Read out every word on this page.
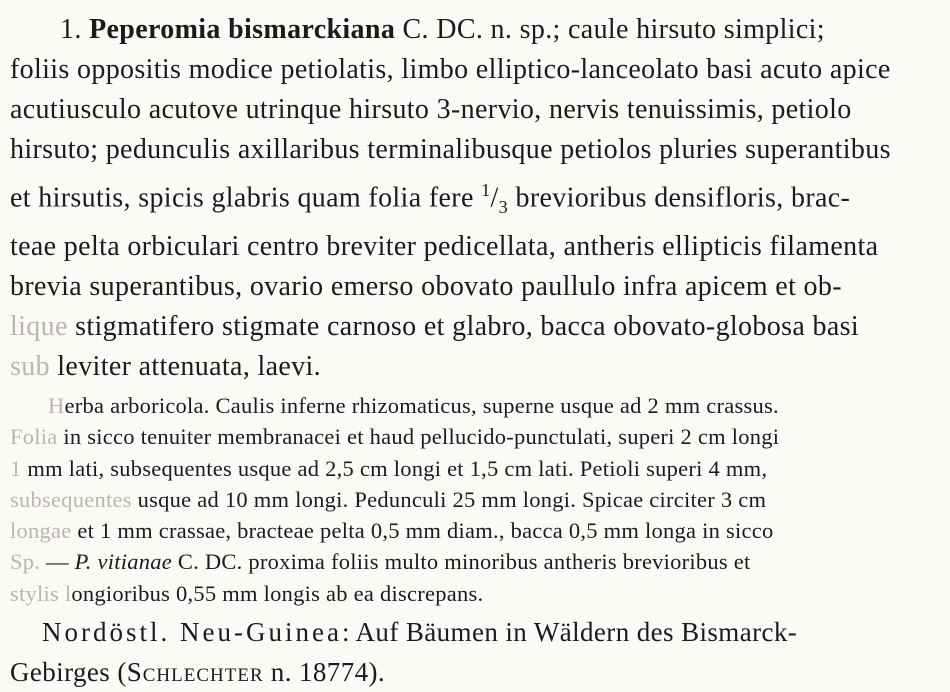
1. Peperomia bismarckiana C. DC. n. sp.; caule hirsuto simplici;
foliis oppositis modice petiolatis, limbo elliptico-lanceolato basi acuto apice
acutiusculo acutove utrinque hirsuto 3-nervio, nervis tenuissimis, petiolo
hirsuto; pedunculis axillaribus terminalibusque petiolos pluries superantibus
et hirsutis, spicis glabris quam folia fere $^1/_3$ brevioribus densifloris, brac-
teae pelta orbiculari centro breviter pedicellata, antheris ellipticis filamenta
brevia superantibus, ovario emerso obovato paullulo infra apicem et ob-
lique stigmatifero stigmate carnoso et glabro, bacca obovato-globosa basi
sub leviter attenuata, laevi.
Herba arboricola. Caulis inferne rhizomaticus, superne usque ad 2 mm crassus.
Folia in sicco tenuiter membranacei et haud pellucido-punctulati, superi 2 cm longi
1 mm lati, subsequentes usque ad 2,5 cm longi et 1,5 cm lati. Petioli superi 4 mm,
subsequentes usque ad 10 mm longi. Pedunculi 25 mm longi. Spicae circiter 3 cm
longae et 1 mm crassae, bracteae pelta 0,5 mm diam., bacca 0,5 mm longa in sicco
Sp. — P. vitianae C. DC. proxima foliis multo minoribus antheris brevioribus et
stylis longioribus 0,55 mm longis ab ea discrepans.
Nordöstl. Neu-Guinea: Auf Bäumen in Wäldern des Bismarck-
Gebirges (Schlechter n. 18774).
